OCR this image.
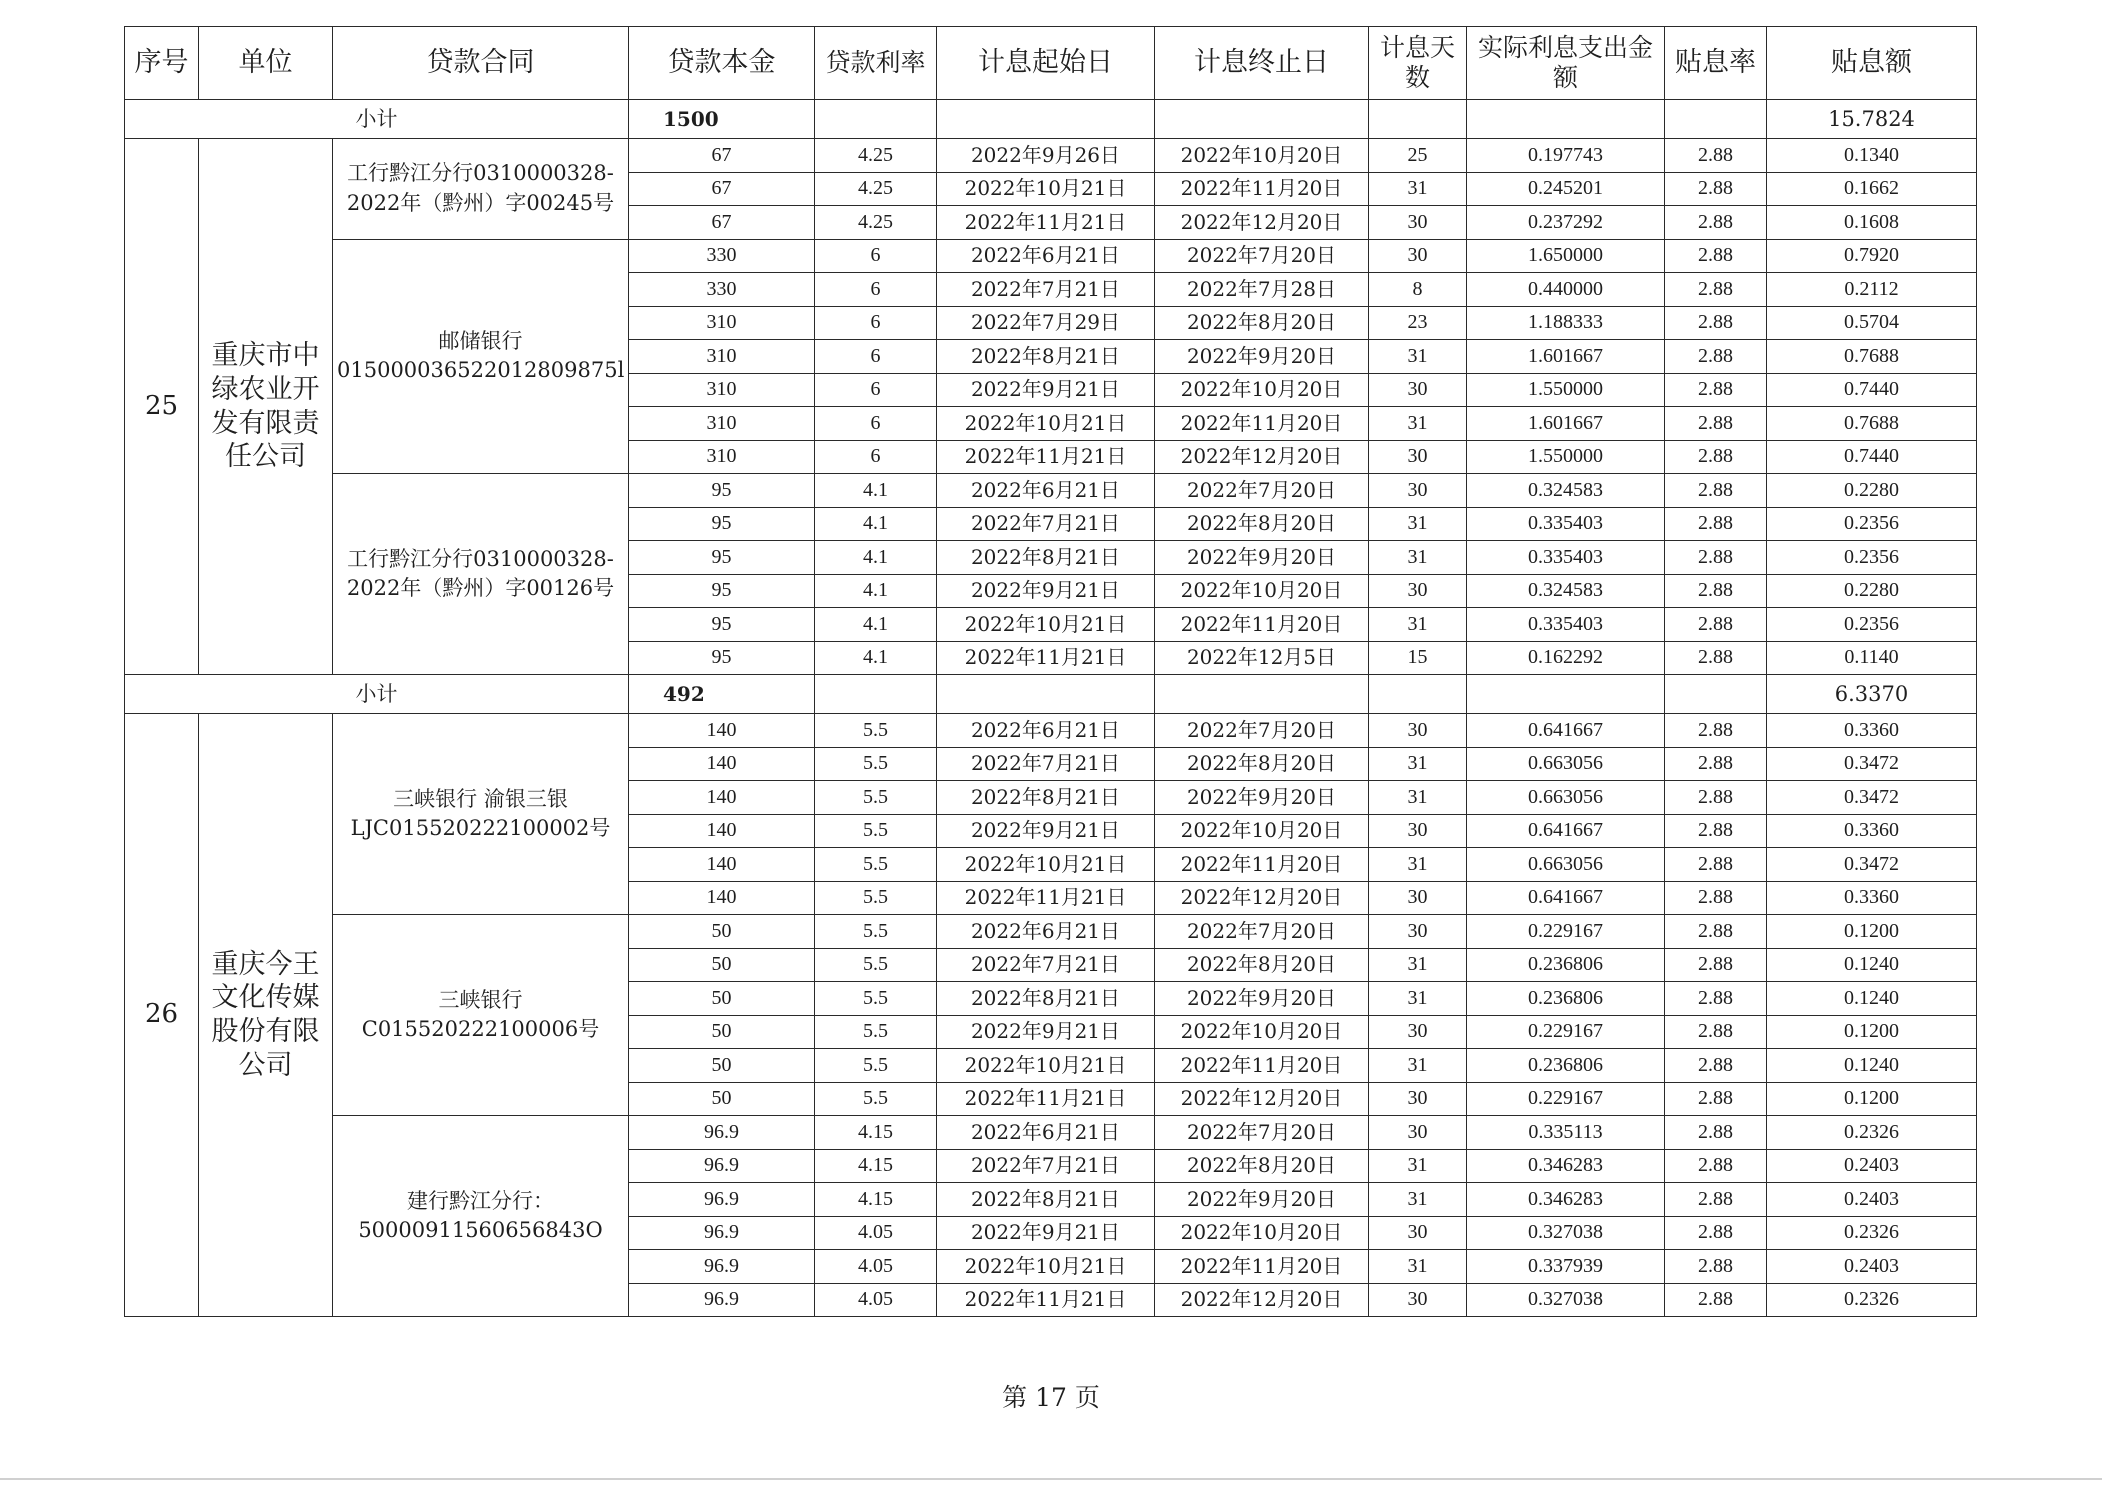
序号	单位	贷款合同	贷款本金	贷款利率	计息起始日	计息终止日	计息天数	实际利息支出金额	贴息率	贴息额
小计			1500							15.7824
25	重庆市中绿农业开发有限责任公司	工行黔江分行0310000328-2022年（黔州）字00245号	67	4.25	2022年9月26日	2022年10月20日	25	0.197743	2.88	0.1340
			67	4.25	2022年10月21日	2022年11月20日	31	0.245201	2.88	0.1662
			67	4.25	2022年11月21日	2022年12月20日	30	0.237292	2.88	0.1608
		邮储银行015000036522012809875l	330	6	2022年6月21日	2022年7月20日	30	1.650000	2.88	0.7920
			330	6	2022年7月21日	2022年7月28日	8	0.440000	2.88	0.2112
			310	6	2022年7月29日	2022年8月20日	23	1.188333	2.88	0.5704
			310	6	2022年8月21日	2022年9月20日	31	1.601667	2.88	0.7688
			310	6	2022年9月21日	2022年10月20日	30	1.550000	2.88	0.7440
			310	6	2022年10月21日	2022年11月20日	31	1.601667	2.88	0.7688
			310	6	2022年11月21日	2022年12月20日	30	1.550000	2.88	0.7440
		工行黔江分行0310000328-2022年（黔州）字00126号	95	4.1	2022年6月21日	2022年7月20日	30	0.324583	2.88	0.2280
			95	4.1	2022年7月21日	2022年8月20日	31	0.335403	2.88	0.2356
			95	4.1	2022年8月21日	2022年9月20日	31	0.335403	2.88	0.2356
			95	4.1	2022年9月21日	2022年10月20日	30	0.324583	2.88	0.2280
			95	4.1	2022年10月21日	2022年11月20日	31	0.335403	2.88	0.2356
			95	4.1	2022年11月21日	2022年12月5日	15	0.162292	2.88	0.1140
小计			492							6.3370
26	重庆今王文化传媒股份有限公司	三峡银行 渝银三银LJC015520222100002号	140	5.5	2022年6月21日	2022年7月20日	30	0.641667	2.88	0.3360
			140	5.5	2022年7月21日	2022年8月20日	31	0.663056	2.88	0.3472
			140	5.5	2022年8月21日	2022年9月20日	31	0.663056	2.88	0.3472
			140	5.5	2022年9月21日	2022年10月20日	30	0.641667	2.88	0.3360
			140	5.5	2022年10月21日	2022年11月20日	31	0.663056	2.88	0.3472
			140	5.5	2022年11月21日	2022年12月20日	30	0.641667	2.88	0.3360
		三峡银行C015520222100006号	50	5.5	2022年6月21日	2022年7月20日	30	0.229167	2.88	0.1200
			50	5.5	2022年7月21日	2022年8月20日	31	0.236806	2.88	0.1240
			50	5.5	2022年8月21日	2022年9月20日	31	0.236806	2.88	0.1240
			50	5.5	2022年9月21日	2022年10月20日	30	0.229167	2.88	0.1200
			50	5.5	2022年10月21日	2022年11月20日	31	0.236806	2.88	0.1240
			50	5.5	2022年11月21日	2022年12月20日	30	0.229167	2.88	0.1200
		建行黔江分行：50000911560656843O	96.9	4.15	2022年6月21日	2022年7月20日	30	0.335113	2.88	0.2326
			96.9	4.15	2022年7月21日	2022年8月20日	31	0.346283	2.88	0.2403
			96.9	4.15	2022年8月21日	2022年9月20日	31	0.346283	2.88	0.2403
			96.9	4.05	2022年9月21日	2022年10月20日	30	0.327038	2.88	0.2326
			96.9	4.05	2022年10月21日	2022年11月20日	31	0.337939	2.88	0.2403
			96.9	4.05	2022年11月21日	2022年12月20日	30	0.327038	2.88	0.2326
第 17 页
